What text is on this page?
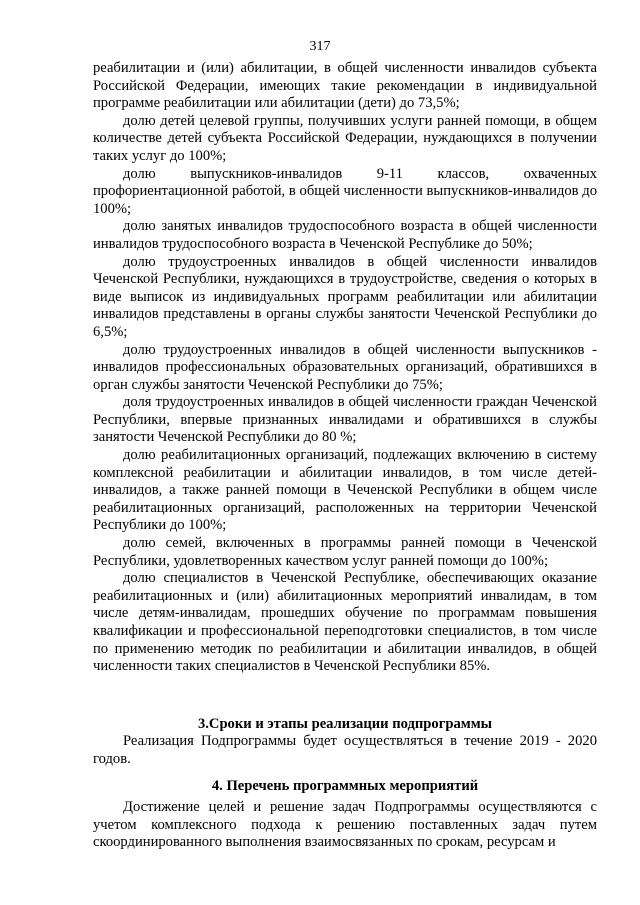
317

реабилитации и (или) абилитации, в общей численности инвалидов субъекта Российской Федерации, имеющих такие рекомендации в индивидуальной программе реабилитации или абилитации (дети) до 73,5%;

долю детей целевой группы, получивших услуги ранней помощи, в общем количестве детей субъекта Российской Федерации, нуждающихся в получении таких услуг до 100%;

долю выпускников-инвалидов 9-11 классов, охваченных профориентационной работой, в общей численности выпускников-инвалидов до 100%;

долю занятых инвалидов трудоспособного возраста в общей численности инвалидов трудоспособного возраста в Чеченской Республике до 50%;

долю трудоустроенных инвалидов в общей численности инвалидов Чеченской Республики, нуждающихся в трудоустройстве, сведения о которых в виде выписок из индивидуальных программ реабилитации или абилитации инвалидов представлены в органы службы занятости Чеченской Республики до 6,5%;

долю трудоустроенных инвалидов в общей численности выпускников - инвалидов профессиональных образовательных организаций, обратившихся в орган службы занятости Чеченской Республики до 75%;

доля трудоустроенных инвалидов в общей численности граждан Чеченской Республики, впервые признанных инвалидами и обратившихся в службы занятости Чеченской Республики до 80 %;

долю реабилитационных организаций, подлежащих включению в систему комплексной реабилитации и абилитации инвалидов, в том числе детей-инвалидов, а также ранней помощи в Чеченской Республики в общем числе реабилитационных организаций, расположенных на территории Чеченской Республики до 100%;

долю семей, включенных в программы ранней помощи в Чеченской Республики, удовлетворенных качеством услуг ранней помощи до 100%;

долю специалистов в Чеченской Республике, обеспечивающих оказание реабилитационных и (или) абилитационных мероприятий инвалидам, в том числе детям-инвалидам, прошедших обучение по программам повышения квалификации и профессиональной переподготовки специалистов, в том числе по применению методик по реабилитации и абилитации инвалидов, в общей численности таких специалистов в Чеченской Республики 85%.

3.Сроки и этапы реализации подпрограммы

Реализация Подпрограммы будет осуществляться в течение 2019 - 2020 годов.

4. Перечень программных мероприятий

Достижение целей и решение задач Подпрограммы осуществляются с учетом комплексного подхода к решению поставленных задач путем скоординированного выполнения взаимосвязанных по срокам, ресурсам и
